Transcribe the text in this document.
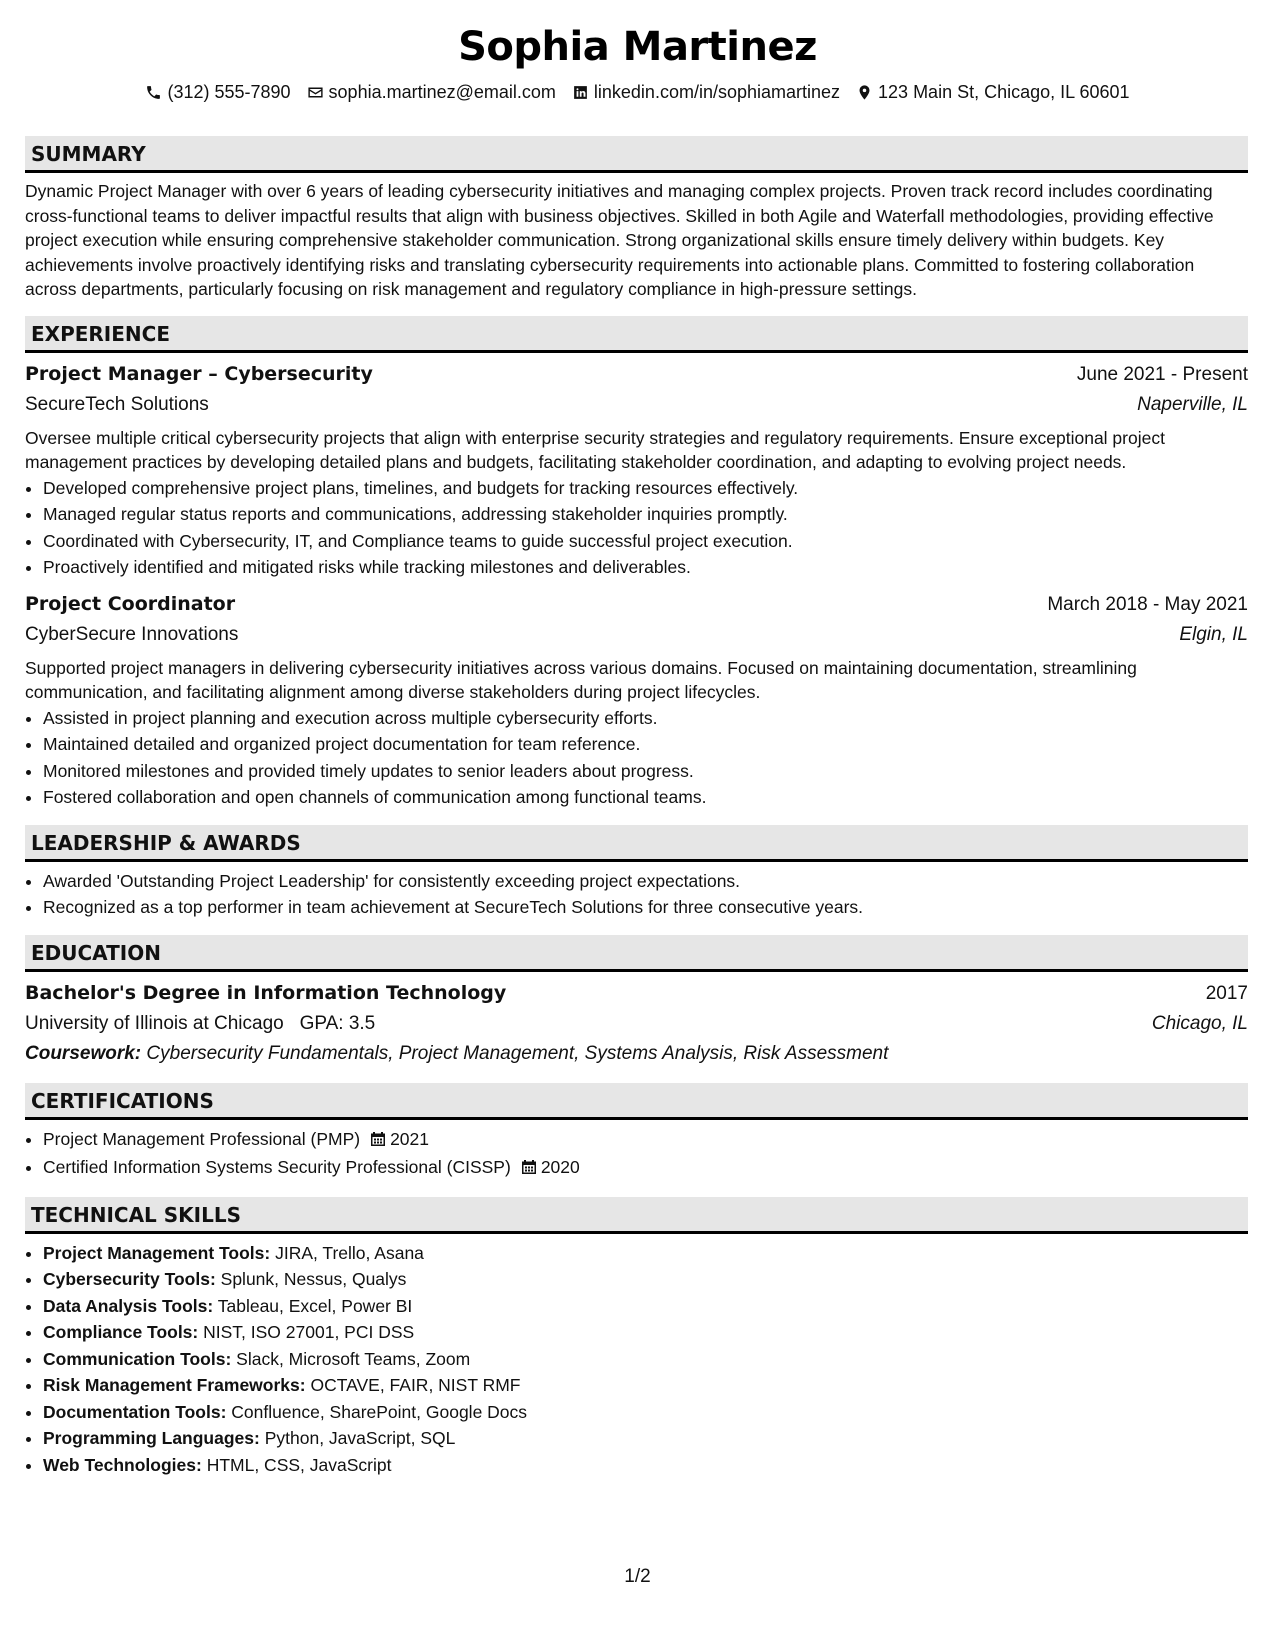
Sophia Martinez
(312) 555-7890 sophia.martinez@email.com linkedin.com/in/sophiamartinez 123 Main St, Chicago, IL 60601
SUMMARY
Dynamic Project Manager with over 6 years of leading cybersecurity initiatives and managing complex projects. Proven track record includes coordinating cross-functional teams to deliver impactful results that align with business objectives. Skilled in both Agile and Waterfall methodologies, providing effective project execution while ensuring comprehensive stakeholder communication. Strong organizational skills ensure timely delivery within budgets. Key achievements involve proactively identifying risks and translating cybersecurity requirements into actionable plans. Committed to fostering collaboration across departments, particularly focusing on risk management and regulatory compliance in high-pressure settings.
EXPERIENCE
Project Manager – Cybersecurity	June 2021 - Present
SecureTech Solutions	Naperville, IL
Oversee multiple critical cybersecurity projects that align with enterprise security strategies and regulatory requirements. Ensure exceptional project management practices by developing detailed plans and budgets, facilitating stakeholder coordination, and adapting to evolving project needs.
• Developed comprehensive project plans, timelines, and budgets for tracking resources effectively.
• Managed regular status reports and communications, addressing stakeholder inquiries promptly.
• Coordinated with Cybersecurity, IT, and Compliance teams to guide successful project execution.
• Proactively identified and mitigated risks while tracking milestones and deliverables.
Project Coordinator	March 2018 - May 2021
CyberSecure Innovations	Elgin, IL
Supported project managers in delivering cybersecurity initiatives across various domains. Focused on maintaining documentation, streamlining communication, and facilitating alignment among diverse stakeholders during project lifecycles.
• Assisted in project planning and execution across multiple cybersecurity efforts.
• Maintained detailed and organized project documentation for team reference.
• Monitored milestones and provided timely updates to senior leaders about progress.
• Fostered collaboration and open channels of communication among functional teams.
LEADERSHIP & AWARDS
• Awarded 'Outstanding Project Leadership' for consistently exceeding project expectations.
• Recognized as a top performer in team achievement at SecureTech Solutions for three consecutive years.
EDUCATION
Bachelor's Degree in Information Technology	2017
University of Illinois at Chicago GPA: 3.5	Chicago, IL
Coursework: Cybersecurity Fundamentals, Project Management, Systems Analysis, Risk Assessment
CERTIFICATIONS
• Project Management Professional (PMP) 2021
• Certified Information Systems Security Professional (CISSP) 2020
TECHNICAL SKILLS
• Project Management Tools: JIRA, Trello, Asana
• Cybersecurity Tools: Splunk, Nessus, Qualys
• Data Analysis Tools: Tableau, Excel, Power BI
• Compliance Tools: NIST, ISO 27001, PCI DSS
• Communication Tools: Slack, Microsoft Teams, Zoom
• Risk Management Frameworks: OCTAVE, FAIR, NIST RMF
• Documentation Tools: Confluence, SharePoint, Google Docs
• Programming Languages: Python, JavaScript, SQL
• Web Technologies: HTML, CSS, JavaScript
1/2
